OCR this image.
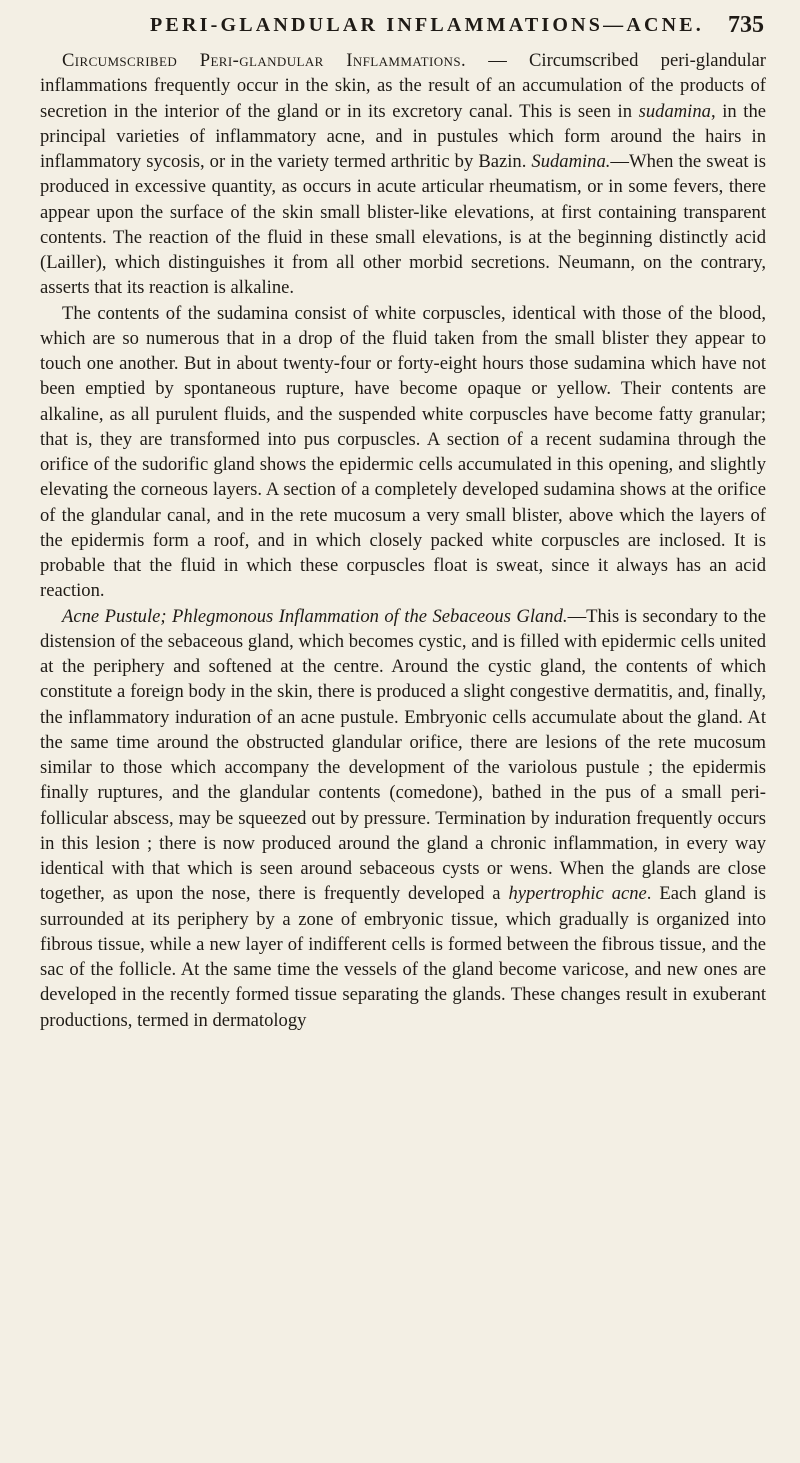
PERI-GLANDULAR INFLAMMATIONS—ACNE.	735

Circumscribed Peri-glandular Inflammations. — Circumscribed peri-glandular inflammations frequently occur in the skin, as the result of an accumulation of the products of secretion in the interior of the gland or in its excretory canal. This is seen in sudamina, in the principal varieties of inflammatory acne, and in pustules which form around the hairs in inflammatory sycosis, or in the variety termed arthritic by Bazin. Sudamina.—When the sweat is produced in excessive quantity, as occurs in acute articular rheumatism, or in some fevers, there appear upon the surface of the skin small blister-like elevations, at first containing transparent contents. The reaction of the fluid in these small elevations, is at the beginning distinctly acid (Lailler), which distinguishes it from all other morbid secretions. Neumann, on the contrary, asserts that its reaction is alkaline.

The contents of the sudamina consist of white corpuscles, identical with those of the blood, which are so numerous that in a drop of the fluid taken from the small blister they appear to touch one another. But in about twenty-four or forty-eight hours those sudamina which have not been emptied by spontaneous rupture, have become opaque or yellow. Their contents are alkaline, as all purulent fluids, and the suspended white corpuscles have become fatty granular; that is, they are transformed into pus corpuscles. A section of a recent sudamina through the orifice of the sudorific gland shows the epidermic cells accumulated in this opening, and slightly elevating the corneous layers. A section of a completely developed sudamina shows at the orifice of the glandular canal, and in the rete mucosum a very small blister, above which the layers of the epidermis form a roof, and in which closely packed white corpuscles are inclosed. It is probable that the fluid in which these corpuscles float is sweat, since it always has an acid reaction.

Acne Pustule; Phlegmonous Inflammation of the Sebaceous Gland.—This is secondary to the distension of the sebaceous gland, which becomes cystic, and is filled with epidermic cells united at the periphery and softened at the centre. Around the cystic gland, the contents of which constitute a foreign body in the skin, there is produced a slight congestive dermatitis, and, finally, the inflammatory induration of an acne pustule. Embryonic cells accumulate about the gland. At the same time around the obstructed glandular orifice, there are lesions of the rete mucosum similar to those which accompany the development of the variolous pustule ; the epidermis finally ruptures, and the glandular contents (comedone), bathed in the pus of a small peri-follicular abscess, may be squeezed out by pressure. Termination by induration frequently occurs in this lesion ; there is now produced around the gland a chronic inflammation, in every way identical with that which is seen around sebaceous cysts or wens. When the glands are close together, as upon the nose, there is frequently developed a hypertrophic acne. Each gland is surrounded at its periphery by a zone of embryonic tissue, which gradually is organized into fibrous tissue, while a new layer of indifferent cells is formed between the fibrous tissue, and the sac of the follicle. At the same time the vessels of the gland become varicose, and new ones are developed in the recently formed tissue separating the glands. These changes result in exuberant productions, termed in dermatology
